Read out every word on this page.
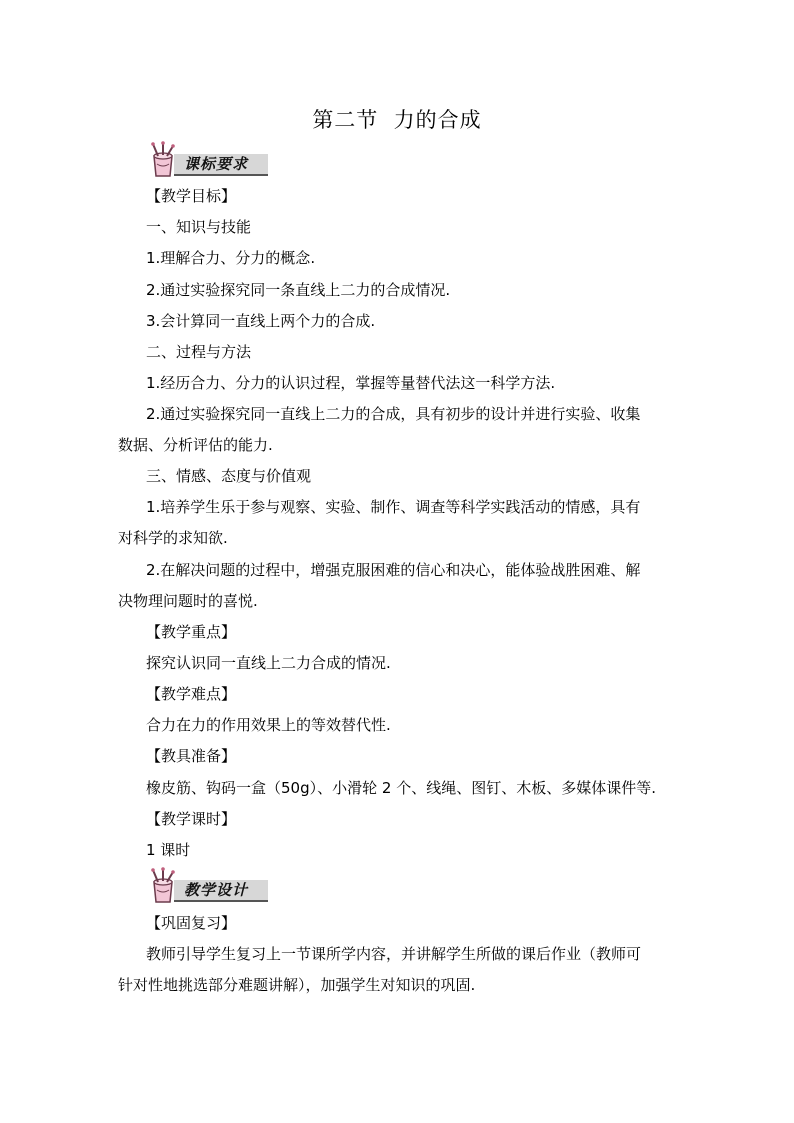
第二节  力的合成
课标要求
【教学目标】
一、知识与技能
1.理解合力、分力的概念.
2.通过实验探究同一条直线上二力的合成情况.
3.会计算同一直线上两个力的合成.
二、过程与方法
1.经历合力、分力的认识过程，掌握等量替代法这一科学方法.
2.通过实验探究同一直线上二力的合成，具有初步的设计并进行实验、收集
数据、分析评估的能力.
三、情感、态度与价值观
1.培养学生乐于参与观察、实验、制作、调查等科学实践活动的情感，具有
对科学的求知欲.
2.在解决问题的过程中，增强克服困难的信心和决心，能体验战胜困难、解
决物理问题时的喜悦.
【教学重点】
探究认识同一直线上二力合成的情况.
【教学难点】
合力在力的作用效果上的等效替代性.
【教具准备】
橡皮筋、钩码一盒（50g）、小滑轮 2 个、线绳、图钉、木板、多媒体课件等.
【教学课时】
1 课时
教学设计
【巩固复习】
教师引导学生复习上一节课所学内容，并讲解学生所做的课后作业（教师可
针对性地挑选部分难题讲解），加强学生对知识的巩固.
